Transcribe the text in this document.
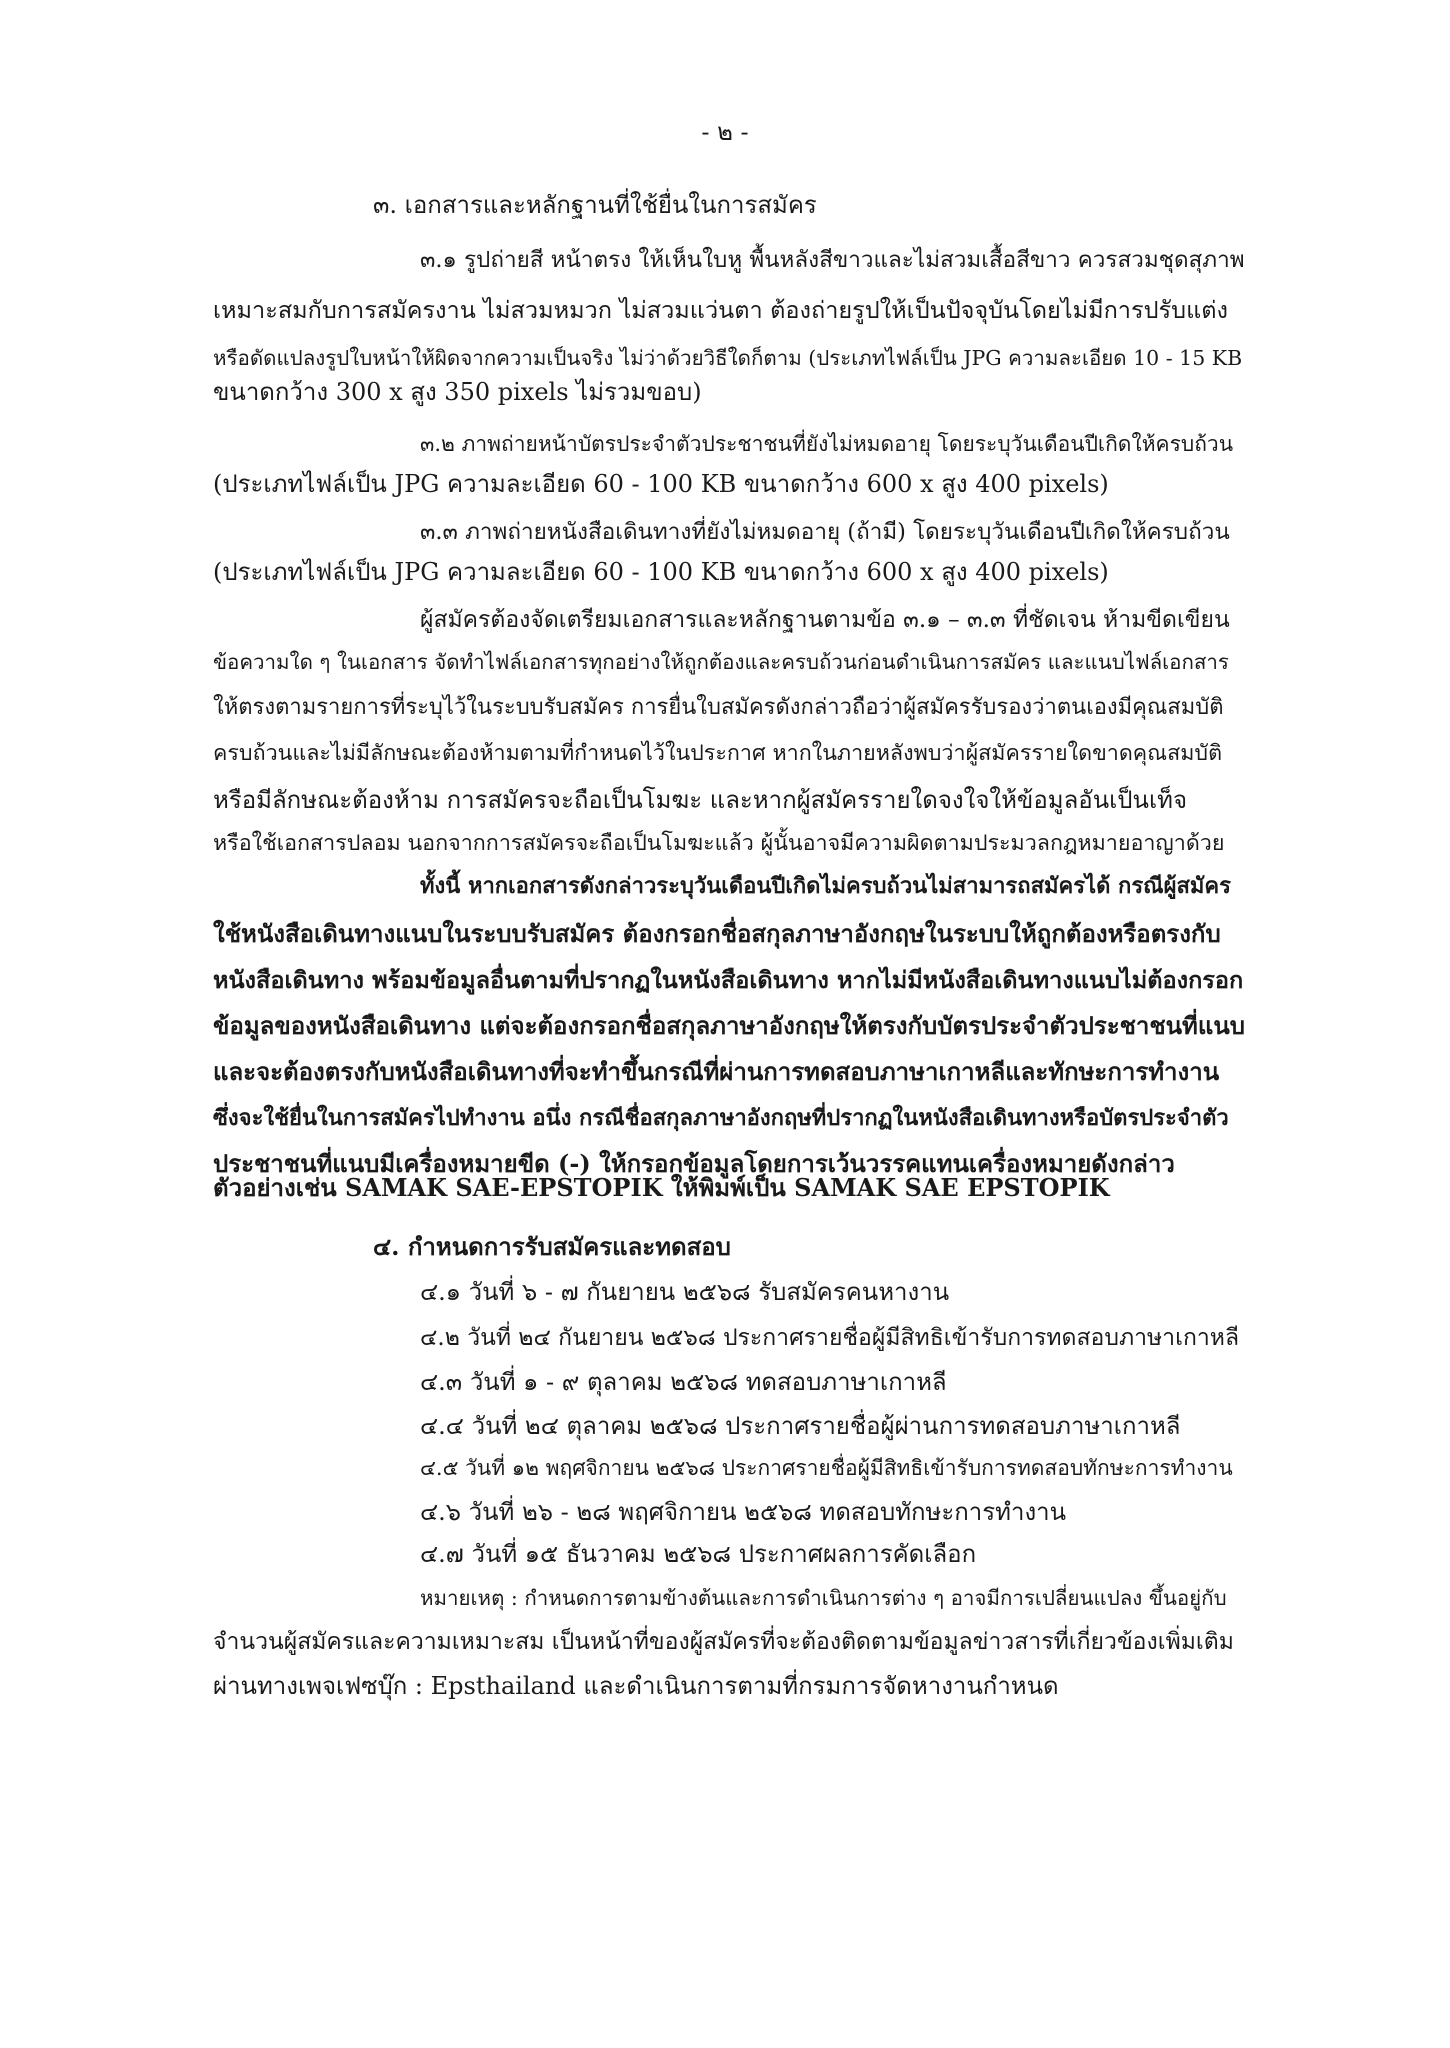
- ๒ -
๓. เอกสารและหลักฐานที่ใช้ยื่นในการสมัคร
๓.๑ รูปถ่ายสี หน้าตรง ให้เห็นใบหู พื้นหลังสีขาวและไม่สวมเสื้อสีขาว ควรสวมชุดสุภาพ
เหมาะสมกับการสมัครงาน ไม่สวมหมวก ไม่สวมแว่นตา ต้องถ่ายรูปให้เป็นปัจจุบันโดยไม่มีการปรับแต่ง
หรือดัดแปลงรูปใบหน้าให้ผิดจากความเป็นจริง ไม่ว่าด้วยวิธีใดก็ตาม (ประเภทไฟล์เป็น JPG ความละเอียด 10 - 15 KB
ขนาดกว้าง 300 x สูง 350 pixels ไม่รวมขอบ)
๓.๒ ภาพถ่ายหน้าบัตรประจำตัวประชาชนที่ยังไม่หมดอายุ โดยระบุวันเดือนปีเกิดให้ครบถ้วน
(ประเภทไฟล์เป็น JPG ความละเอียด 60 - 100 KB ขนาดกว้าง 600 x สูง 400 pixels)
๓.๓ ภาพถ่ายหนังสือเดินทางที่ยังไม่หมดอายุ (ถ้ามี) โดยระบุวันเดือนปีเกิดให้ครบถ้วน
(ประเภทไฟล์เป็น JPG ความละเอียด 60 - 100 KB ขนาดกว้าง 600 x สูง 400 pixels)
ผู้สมัครต้องจัดเตรียมเอกสารและหลักฐานตามข้อ ๓.๑ – ๓.๓ ที่ชัดเจน ห้ามขีดเขียน
ข้อความใด ๆ ในเอกสาร จัดทำไฟล์เอกสารทุกอย่างให้ถูกต้องและครบถ้วนก่อนดำเนินการสมัคร และแนบไฟล์เอกสาร
ให้ตรงตามรายการที่ระบุไว้ในระบบรับสมัคร การยื่นใบสมัครดังกล่าวถือว่าผู้สมัครรับรองว่าตนเองมีคุณสมบัติ
ครบถ้วนและไม่มีลักษณะต้องห้ามตามที่กำหนดไว้ในประกาศ หากในภายหลังพบว่าผู้สมัครรายใดขาดคุณสมบัติ
หรือมีลักษณะต้องห้าม การสมัครจะถือเป็นโมฆะ และหากผู้สมัครรายใดจงใจให้ข้อมูลอันเป็นเท็จ
หรือใช้เอกสารปลอม นอกจากการสมัครจะถือเป็นโมฆะแล้ว ผู้นั้นอาจมีความผิดตามประมวลกฎหมายอาญาด้วย
ทั้งนี้ หากเอกสารดังกล่าวระบุวันเดือนปีเกิดไม่ครบถ้วนไม่สามารถสมัครได้ กรณีผู้สมัคร
ใช้หนังสือเดินทางแนบในระบบรับสมัคร ต้องกรอกชื่อสกุลภาษาอังกฤษในระบบให้ถูกต้องหรือตรงกับ
หนังสือเดินทาง พร้อมข้อมูลอื่นตามที่ปรากฏในหนังสือเดินทาง หากไม่มีหนังสือเดินทางแนบไม่ต้องกรอก
ข้อมูลของหนังสือเดินทาง แต่จะต้องกรอกชื่อสกุลภาษาอังกฤษให้ตรงกับบัตรประจำตัวประชาชนที่แนบ
และจะต้องตรงกับหนังสือเดินทางที่จะทำขึ้นกรณีที่ผ่านการทดสอบภาษาเกาหลีและทักษะการทำงาน
ซึ่งจะใช้ยื่นในการสมัครไปทำงาน อนึ่ง กรณีชื่อสกุลภาษาอังกฤษที่ปรากฏในหนังสือเดินทางหรือบัตรประจำตัว
ประชาชนที่แนบมีเครื่องหมายขีด (-) ให้กรอกข้อมูลโดยการเว้นวรรคแทนเครื่องหมายดังกล่าว
ตัวอย่างเช่น SAMAK SAE-EPSTOPIK ให้พิมพ์เป็น SAMAK SAE EPSTOPIK
๔. กำหนดการรับสมัครและทดสอบ
๔.๑ วันที่ ๖ - ๗ กันยายน ๒๕๖๘ รับสมัครคนหางาน
๔.๒ วันที่ ๒๔ กันยายน ๒๕๖๘ ประกาศรายชื่อผู้มีสิทธิเข้ารับการทดสอบภาษาเกาหลี
๔.๓ วันที่ ๑ - ๙ ตุลาคม ๒๕๖๘ ทดสอบภาษาเกาหลี
๔.๔ วันที่ ๒๔ ตุลาคม ๒๕๖๘ ประกาศรายชื่อผู้ผ่านการทดสอบภาษาเกาหลี
๔.๕ วันที่ ๑๒ พฤศจิกายน ๒๕๖๘ ประกาศรายชื่อผู้มีสิทธิเข้ารับการทดสอบทักษะการทำงาน
๔.๖ วันที่ ๒๖ - ๒๘ พฤศจิกายน ๒๕๖๘ ทดสอบทักษะการทำงาน
๔.๗ วันที่ ๑๕ ธันวาคม ๒๕๖๘ ประกาศผลการคัดเลือก
หมายเหตุ : กำหนดการตามข้างต้นและการดำเนินการต่าง ๆ อาจมีการเปลี่ยนแปลง ขึ้นอยู่กับ
จำนวนผู้สมัครและความเหมาะสม เป็นหน้าที่ของผู้สมัครที่จะต้องติดตามข้อมูลข่าวสารที่เกี่ยวข้องเพิ่มเติม
ผ่านทางเพจเฟซบุ๊ก : Epsthailand และดำเนินการตามที่กรมการจัดหางานกำหนด
